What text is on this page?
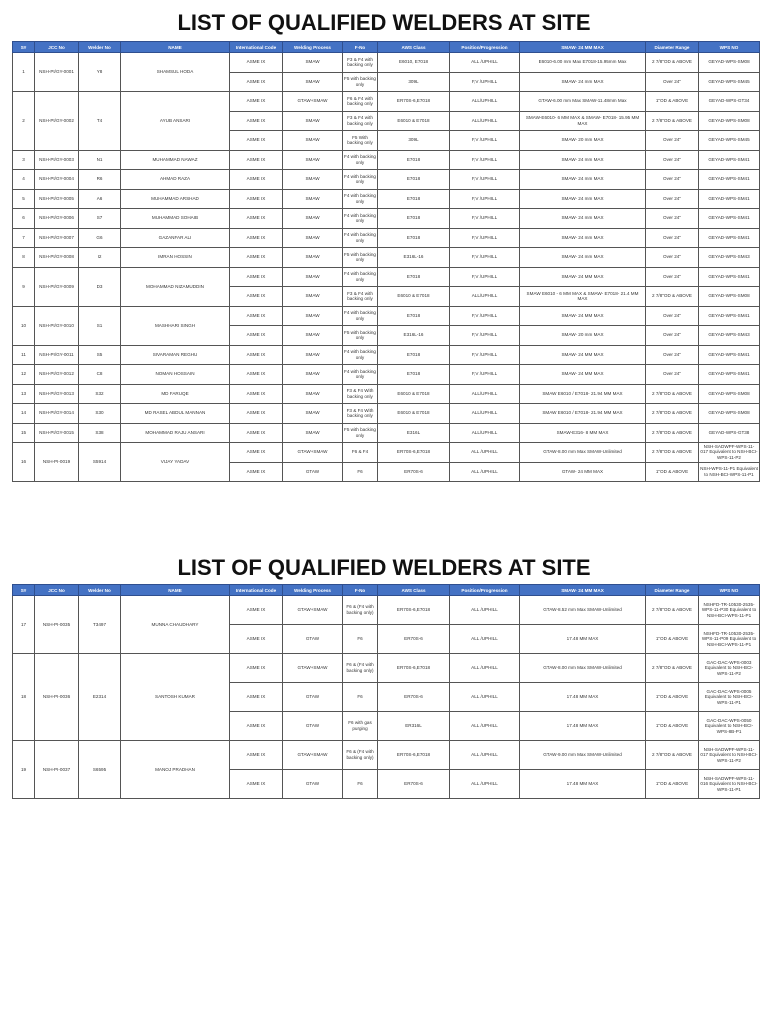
LIST OF QUALIFIED WELDERS AT SITE
S#	JCC No	Welder No	NAME	International Code	Welding Process	F-No	AWS Class	Position/Progression	SMAW- 24 MM MAX	Diameter Range	WPS NO
1	NSH-PI/GY-0001	Y8	SHAMSUL HODA	ASME IX	SMAW	F3 & F4 with backing only	E6010, E7018	ALL /UPHILL	E6010-6.00 mm Max E7018-15.95mm Max	2 7/8"OD & ABOVE	GEYAD-WPS-SM08
				ASME IX	SMAW	F5 with backing only	309L	F,V /UPHILL	SMAW- 24 mm MAX	Over 24"	GEYAD-WPS-SM45
2	NSH-PI/GY-0002	T4	AYUB ANSARI	ASME IX	GTAW+SMAW	F6 & F4 with backing only	ER70S-6,E7018	ALL/UPHILL	GTAW-6.00 mm Max SMAW-11.48mm Max	1"OD & ABOVE	GEYAD-WPS-GT34
				ASME IX	SMAW	F3 & F4 with backing only	E6010 & E7018	ALL/UPHILL	SMAW-E6010- 6 MM MAX & SMAW- E7018- 15.95 MM MAX	2 7/8"OD & ABOVE	GEYAD-WPS-SM08
				ASME IX	SMAW	F5 With backing only	309L	F,V /UPHILL	SMAW- 20 mm MAX	Over 24"	GEYAD-WPS-SM45
3	NSH-PI/GY-0003	N1	MUHAMMAD NAWAZ	ASME IX	SMAW	F4 with backing only	E7018	F,V /UPHILL	SMAW- 24 mm MAX	Over 24"	GEYAD-WPS-SM41
4	NSH-PI/GY-0004	R6	AHMAD RAZA	ASME IX	SMAW	F4 with backing only	E7018	F,V /UPHILL	SMAW- 24 mm MAX	Over 24"	GEYAD-WPS-SM41
5	NSH-PI/GY-0005	A6	MUHAMMAD ARSHAD	ASME IX	SMAW	F4 with backing only	E7018	F,V /UPHILL	SMAW- 24 mm MAX	Over 24"	GEYAD-WPS-SM41
6	NSH-PI/GY-0006	S7	MUHAMMAD SOHAIB	ASME IX	SMAW	F4 with backing only	E7018	F,V /UPHILL	SMAW- 24 mm MAX	Over 24"	GEYAD-WPS-SM41
7	NSH-PI/GY-0007	G6	GAZANFAR ALI	ASME IX	SMAW	F4 with backing only	E7018	F,V /UPHILL	SMAW- 24 mm MAX	Over 24"	GEYAD-WPS-SM41
8	NSH-PI/GY-0008	I2	IMRAN HOSSIN	ASME IX	SMAW	F5 with backing only	E316L-16	F,V /UPHILL	SMAW- 24 mm MAX	Over 24"	GEYAD-WPS-SM43
9	NSH-PI/GY-0009	D3	MOHAMMAD NIZAMUDDIN	ASME IX	SMAW	F4 with backing only	E7018	F,V /UPHILL	SMAW- 24 MM MAX	Over 24"	GEYAD-WPS-SM41
				ASME IX	SMAW	F3 & F4 with backing only	E6010 & E7018	ALL/UPHILL	SMAW E6010 - 6 MM MAX & SMAW- E7018- 21.4 MM MAX	2 7/8"OD & ABOVE	GEYAD-WPS-SM08
10	NSH-PI/GY-0010	S1	MASHHARI SINGH	ASME IX	SMAW	F4 with backing only	E7018	F,V /UPHILL	SMAW- 24 MM MAX	Over 24"	GEYAD-WPS-SM41
				ASME IX	SMAW	F5 with backing only	E316L-16	F,V /UPHILL	SMAW- 20 mm MAX	Over 24"	GEYAD-WPS-SM43
11	NSH-PI/GY-0011	S5	SIVARAMAN REGHU	ASME IX	SMAW	F4 with backing only	E7018	F,V /UPHILL	SMAW- 24 MM MAX	Over 24"	GEYAD-WPS-SM41
12	NSH-PI/GY-0012	C8	NOMAN HOSSAIN	ASME IX	SMAW	F4 with backing only	E7018	F,V /UPHILL	SMAW- 24 MM MAX	Over 24"	GEYAD-WPS-SM41
13	NSH-PI/GY-0013	S32	MD FARUQE	ASME IX	SMAW	F3 & F4 With backing only	E6010 & E7018	ALL/UPHILL	SMAW E6010 / E7018- 21.94 MM MAX	2 7/8"OD & ABOVE	GEYAD-WPS-SM08
14	NSH-PI/GY-0014	S30	MD RASEL ABDUL MANNAN	ASME IX	SMAW	F3 & F4 With backing only	E6010 & E7018	ALL/UPHILL	SMAW E6010 / E7018- 21.94 MM MAX	2 7/8"OD & ABOVE	GEYAD-WPS-SM08
15	NSH-PI/GY-0015	S38	MOHAMMAD RAJU ANSARI	ASME IX	SMAW	F5 with backing only	E316L	ALL/UPHILL	SMAW-E316- 8 MM MAX	2 7/8"OD & ABOVE	GEYAD-WPS-GT38
16	NSH-PI-0019	S5914	VIJAY YADAV	ASME IX	GTAW+SMAW	F6 & F4	ER70S-6,E7018	ALL /UPHILL	GTAW-8.00 mm Max SMAW-Unlimited	2 7/8"OD & ABOVE	NSH-SADWPF-WPS-11-017 Equivalent to NSH-BCI-WPS-11-P2
				ASME IX	GTAW	F6	ER70S-6	ALL /UPHILL	GTAW- 24 MM MAX	1"OD & ABOVE	NSH-WPS-11-P1 Equivalent to NSH-BCI-WPS-11-P1
LIST OF QUALIFIED WELDERS AT SITE
S#	JCC No	Welder No	NAME	International Code	Welding Process	F-No	AWS Class	Position/Progression	SMAW- 24 MM MAX	Diameter Range	WPS NO
17	NSH-PI-0035	T3497	MUNNA CHAUDHARY	ASME IX	GTAW+SMAW	F6 & (F4 with backing only)	ER70S-6,E7018	ALL /UPHILL	GTAW-8.52 mm Max SMAW-Unlimited	2 7/8"OD & ABOVE	NSHFD-TR-10530-2535-WPS-11-P30 Equivalent to NSH-BCI-WPS-11-P1
				ASME IX	GTAW	F6	ER70S-6	ALL /UPHILL	17.48 MM MAX	1"OD & ABOVE	NSHFD-TR-10530-2535-WPS-11-P09 Equivalent to NSH-BCI-WPS-11-P1
18	NSH-PI-0036	E2314	SANTOSH KUMAR	ASME IX	GTAW+SMAW	F6 & (F4 with backing only)	ER70S-6,E7018	ALL /UPHILL	GTAW-8.00 mm Max SMAW-Unlimited	2 7/8"OD & ABOVE	GAC-DAC-WPS-0003 Equivalent to NSH-BCI-WPS-11-P2
				ASME IX	GTAW	F6	ER70S-6	ALL /UPHILL	17.48 MM MAX	1"OD & ABOVE	GAC-DAC-WPS-0005 Equivalent to NSH-BCI-WPS-11-P1
				ASME IX	GTAW	F6 with gas purging	ER316L	ALL /UPHILL	17.48 MM MAX	1"OD & ABOVE	GAC-DAC-WPS-0050 Equivalent to NSH-BCI-WPS-8B-P1
19	NSH-PI-0037	S6595	MANOJ PRADHAN	ASME IX	GTAW+SMAW	F6 & (F4 with backing only)	ER70S-6,E7018	ALL /UPHILL	GTAW-9.00 mm Max SMAW-Unlimited	2 7/8"OD & ABOVE	NSH-SADWPF-WPS-11-017 Equivalent to NSH-BCI-WPS-11-P2
				ASME IX	GTAW	F6	ER70S-6	ALL /UPHILL	17.48 MM MAX	1"OD & ABOVE	NSH-SADWPF-WPS-11-016 Equivalent to NSH-BCI-WPS-11-P1
